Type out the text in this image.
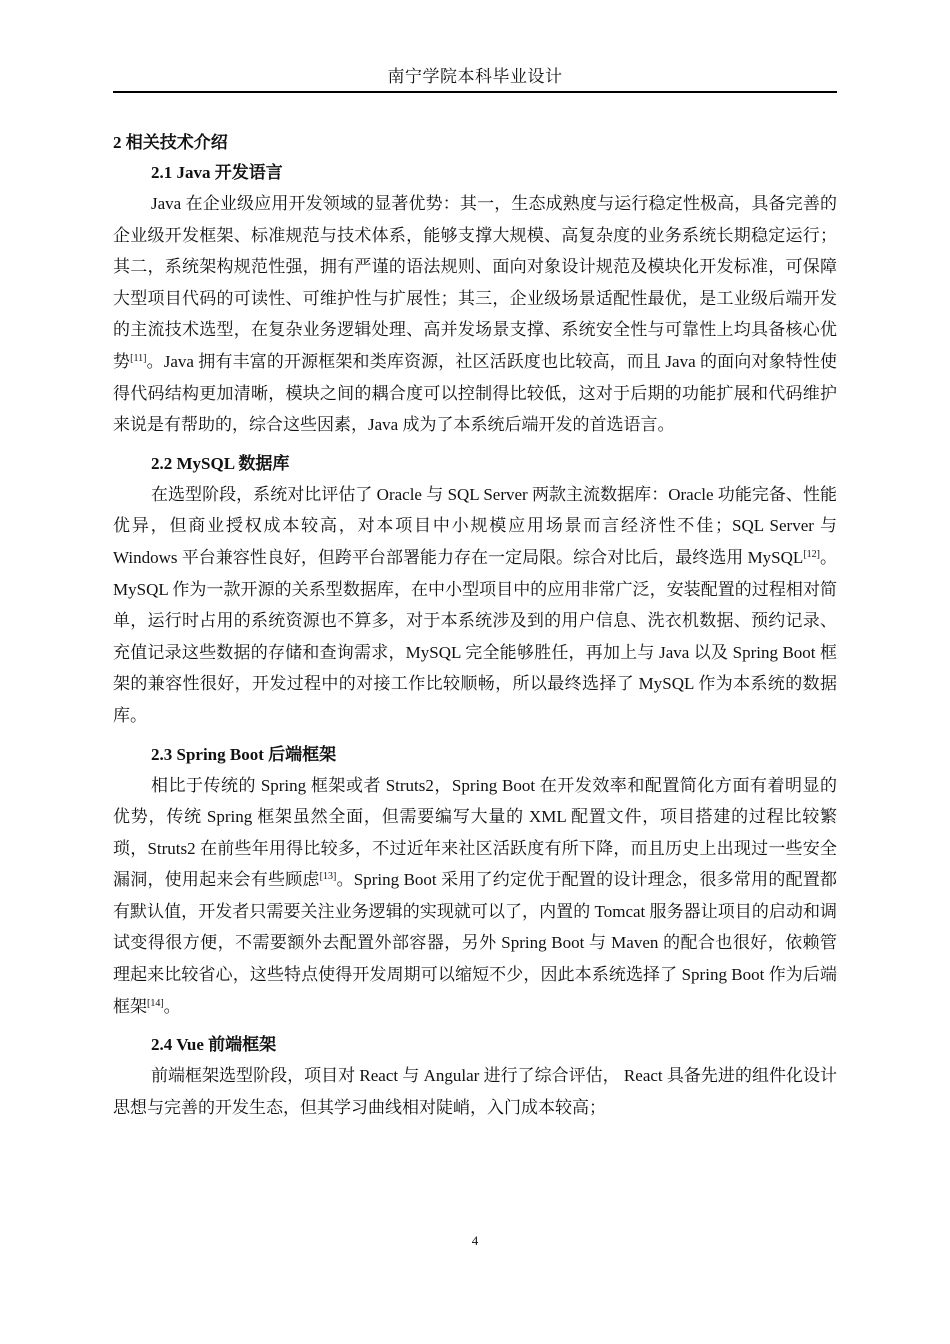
南宁学院本科毕业设计
2 相关技术介绍
2.1 Java 开发语言

Java 在企业级应用开发领域的显著优势：其一，生态成熟度与运行稳定性极高，具备完善的企业级开发框架、标准规范与技术体系，能够支撑大规模、高复杂度的业务系统长期稳定运行；其二，系统架构规范性强，拥有严谨的语法规则、面向对象设计规范及模块化开发标准，可保障大型项目代码的可读性、可维护性与扩展性；其三，企业级场景适配性最优，是工业级后端开发的主流技术选型，在复杂业务逻辑处理、高并发场景支撑、系统安全性与可靠性上均具备核心优势[11]。Java 拥有丰富的开源框架和类库资源，社区活跃度也比较高，而且 Java 的面向对象特性使得代码结构更加清晰，模块之间的耦合度可以控制得比较低，这对于后期的功能扩展和代码维护来说是有帮助的，综合这些因素，Java 成为了本系统后端开发的首选语言。

2.2 MySQL 数据库

在选型阶段，系统对比评估了 Oracle 与 SQL Server 两款主流数据库：Oracle 功能完备、性能优异，但商业授权成本较高，对本项目中小规模应用场景而言经济性不佳；SQL Server 与 Windows 平台兼容性良好，但跨平台部署能力存在一定局限。综合对比后，最终选用 MySQL[12]。MySQL 作为一款开源的关系型数据库，在中小型项目中的应用非常广泛，安装配置的过程相对简单，运行时占用的系统资源也不算多，对于本系统涉及到的用户信息、洗衣机数据、预约记录、充值记录这些数据的存储和查询需求，MySQL 完全能够胜任，再加上与 Java 以及 Spring Boot 框架的兼容性很好，开发过程中的对接工作比较顺畅，所以最终选择了 MySQL 作为本系统的数据库。

2.3 Spring Boot 后端框架

相比于传统的 Spring 框架或者 Struts2，Spring Boot 在开发效率和配置简化方面有着明显的优势，传统 Spring 框架虽然全面，但需要编写大量的 XML 配置文件，项目搭建的过程比较繁琐，Struts2 在前些年用得比较多，不过近年来社区活跃度有所下降，而且历史上出现过一些安全漏洞，使用起来会有些顾虑[13]。Spring Boot 采用了约定优于配置的设计理念，很多常用的配置都有默认值，开发者只需要关注业务逻辑的实现就可以了，内置的 Tomcat 服务器让项目的启动和调试变得很方便，不需要额外去配置外部容器，另外 Spring Boot 与 Maven 的配合也很好，依赖管理起来比较省心，这些特点使得开发周期可以缩短不少，因此本系统选择了 Spring Boot 作为后端框架[14]。

2.4 Vue 前端框架

前端框架选型阶段，项目对 React 与 Angular 进行了综合评估， React 具备先进的组件化设计思想与完善的开发生态，但其学习曲线相对陡峭，入门成本较高；

4
